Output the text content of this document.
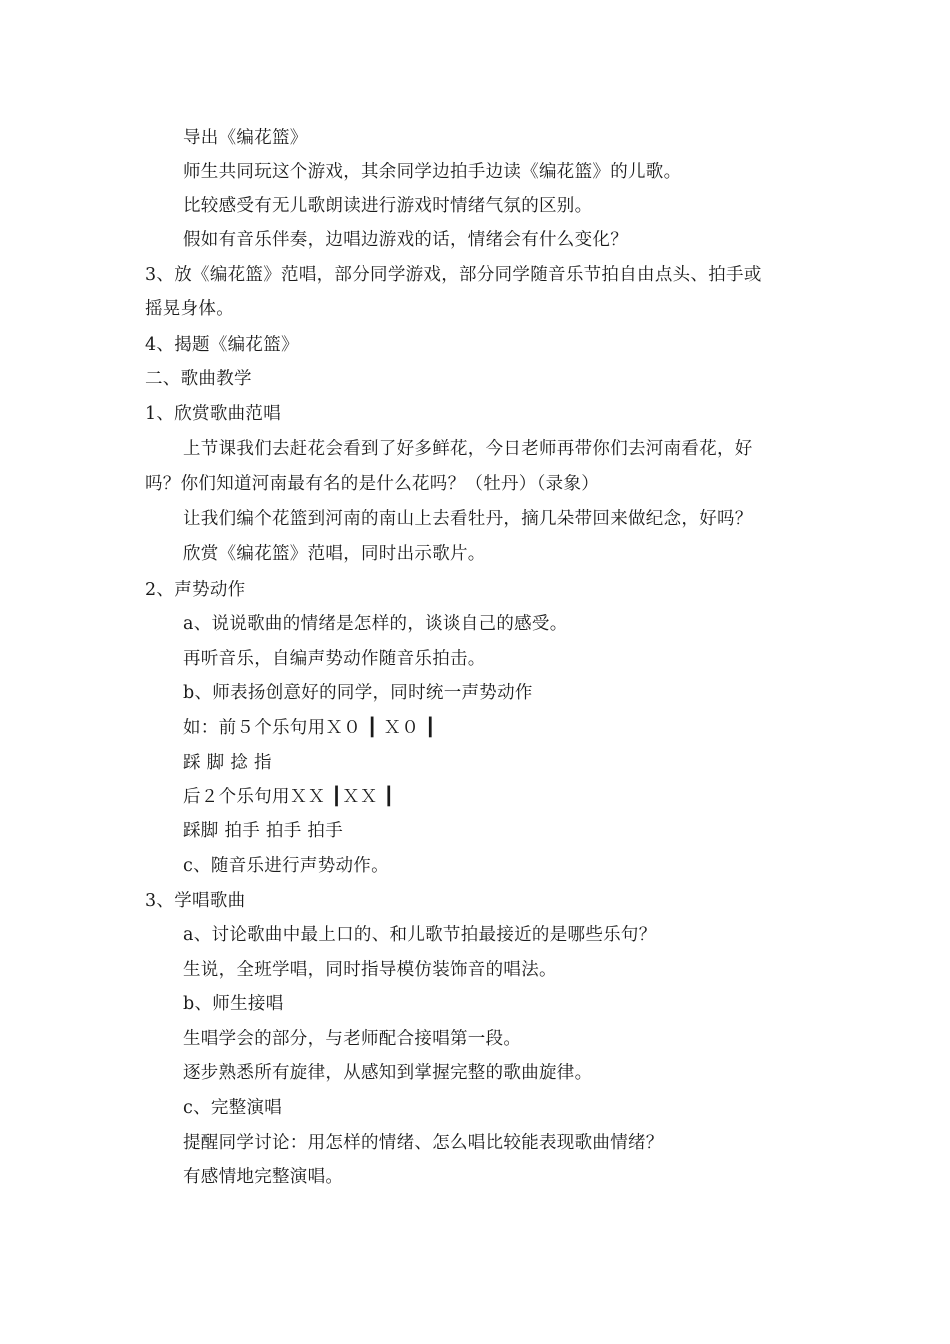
导出《编花篮》
师生共同玩这个游戏，其余同学边拍手边读《编花篮》的儿歌。
比较感受有无儿歌朗读进行游戏时情绪气氛的区别。
假如有音乐伴奏，边唱边游戏的话，情绪会有什么变化？
3、放《编花篮》范唱，部分同学游戏，部分同学随音乐节拍自由点头、拍手或
摇晃身体。
4、揭题《编花篮》
二、歌曲教学
1、欣赏歌曲范唱
上节课我们去赶花会看到了好多鲜花，今日老师再带你们去河南看花，好
吗？你们知道河南最有名的是什么花吗？（牡丹）（录象）
让我们编个花篮到河南的南山上去看牡丹，摘几朵带回来做纪念，好吗？
欣赏《编花篮》范唱，同时出示歌片。
2、声势动作
a、说说歌曲的情绪是怎样的，谈谈自己的感受。
再听音乐，自编声势动作随音乐拍击。
b、师表扬创意好的同学，同时统一声势动作
如：前５个乐句用Ｘ０ ┃ Ｘ０ ┃
踩 脚 捻 指
后２个乐句用ＸＸ ┃ＸＸ ┃
踩脚 拍手 拍手 拍手
c、随音乐进行声势动作。
3、学唱歌曲
a、讨论歌曲中最上口的、和儿歌节拍最接近的是哪些乐句？
生说，全班学唱，同时指导模仿装饰音的唱法。
b、师生接唱
生唱学会的部分，与老师配合接唱第一段。
逐步熟悉所有旋律，从感知到掌握完整的歌曲旋律。
c、完整演唱
提醒同学讨论：用怎样的情绪、怎么唱比较能表现歌曲情绪？
有感情地完整演唱。
